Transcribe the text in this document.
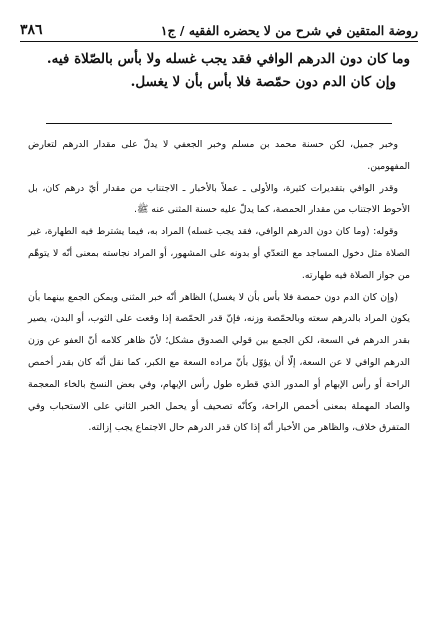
روضة المتقين في شرح من لا يحضره الفقيه / ج١
٣٨٦

وما كان دون الدرهم الوافي فقد يجب غسله ولا بأس بالصّلاة فيه.

وإن كان الدم دون حمّصة فلا بأس بأن لا يغسل.

وخبر جميل، لكن حسنة محمد بن مسلم وخبر الجعفي لا يدلّ على مقدار الدرهم لتعارض المفهومين.

وقدر الوافي بتقديرات كثيرة، والأولى ـ عملاً بالأخبار ـ الاجتناب من مقدار أيّ درهم كان، بل الأحوط الاجتناب من مقدار الحمصة، كما يدلّ عليه حسنة المثنى عنه ﷺ.

وقوله: (وما كان دون الدرهم الوافي، فقد يجب غسله) المراد به، فيما يشترط فيه الطهارة، غير الصلاة مثل دخول المساجد مع التعدّي أو بدونه على المشهور، أو المراد نجاسته بمعنى أنّه لا يتوهّم من جواز الصلاة فيه طهارته.

(وإن كان الدم دون حمصة فلا بأس بأن لا يغسل) الظاهر أنّه خبر المثنى ويمكن الجمع بينهما بأن يكون المراد بالدرهم سعته وبالحمّصة وزنه، فإنّ قدر الحمّصة إذا وقعت على الثوب، أو البدن، يصير بقدر الدرهم في السعة، لكن الجمع بين قولي الصدوق مشكل؛ لأنّ ظاهر كلامه أنّ العفو عن وزن الدرهم الوافي لا عن السعة، إلّا أن يؤوّل بأنّ مراده السعة مع الكبر، كما نقل أنّه كان بقدر أخمص الراحة أو رأس الإبهام أو المدور الذي قطره طول رأس الإبهام، وفي بعض النسخ بالخاء المعجمة والصاد المهملة بمعنى أخمص الراحة، وكأنّه تصحيف أو يحمل الخبر الثاني على الاستحباب وفي المتفرق خلاف، والظاهر من الأخبار أنّه إذا كان قدر الدرهم حال الاجتماع يجب إزالته.
